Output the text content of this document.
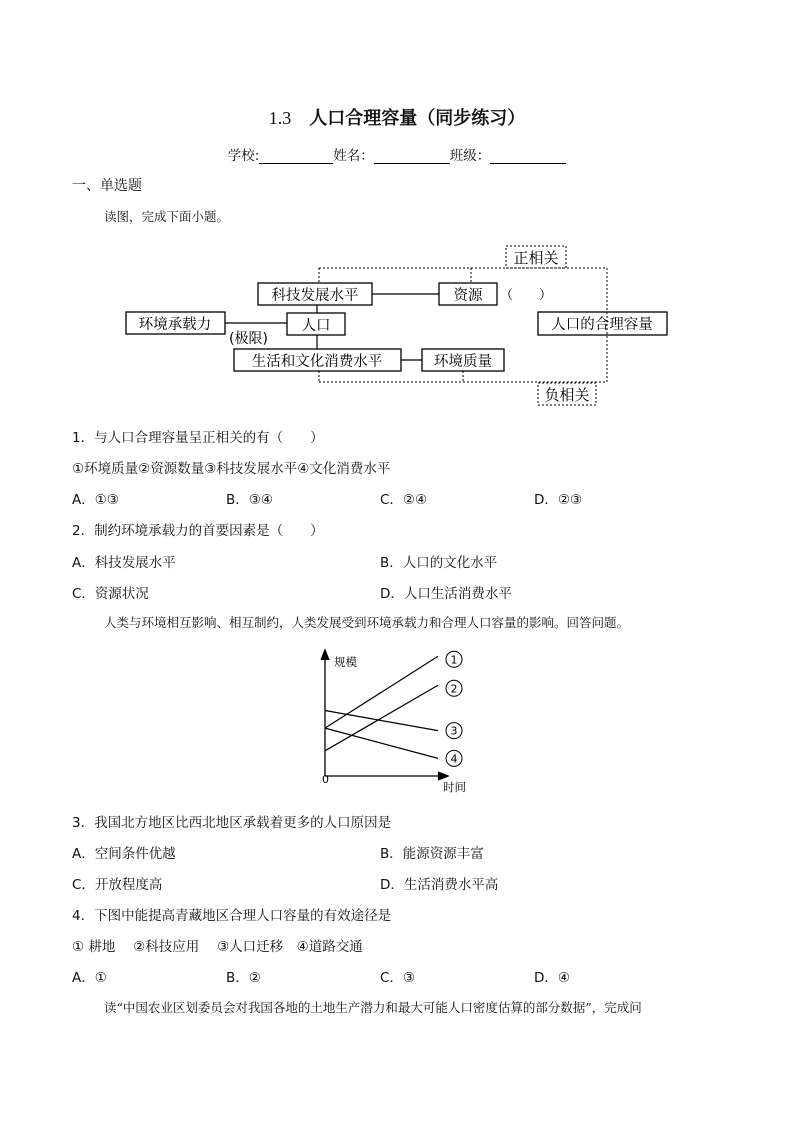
1.3 人口合理容量（同步练习）
学校:	姓名：	班级：
一、单选题
读图，完成下面小题。
正相关
负相关
科技发展水平	资源 （　　）
环境承载力
(极限)
人口	人口的合理容量
生活和文化消费水平	环境质量
1．与人口合理容量呈正相关的有（　　）
①环境质量②资源数量③科技发展水平④文化消费水平
A．①③	B．③④	C．②④	D．②③
2．制约环境承载力的首要因素是（　　）
A．科技发展水平	B．人口的文化水平
C．资源状况	D．人口生活消费水平
人类与环境相互影响、相互制约，人类发展受到环境承载力和合理人口容量的影响。回答问题。
规模
时间
0
1
2
3
4
3．我国北方地区比西北地区承载着更多的人口原因是
A．空间条件优越	B．能源资源丰富
C．开放程度高	D．生活消费水平高
4．下图中能提高青藏地区合理人口容量的有效途径是
① 耕地　 ②科技应用　 ③人口迁移　④道路交通
A．①	B．②	C．③	D．④
读“中国农业区划委员会对我国各地的土地生产潜力和最大可能人口密度估算的部分数据”，完成问
